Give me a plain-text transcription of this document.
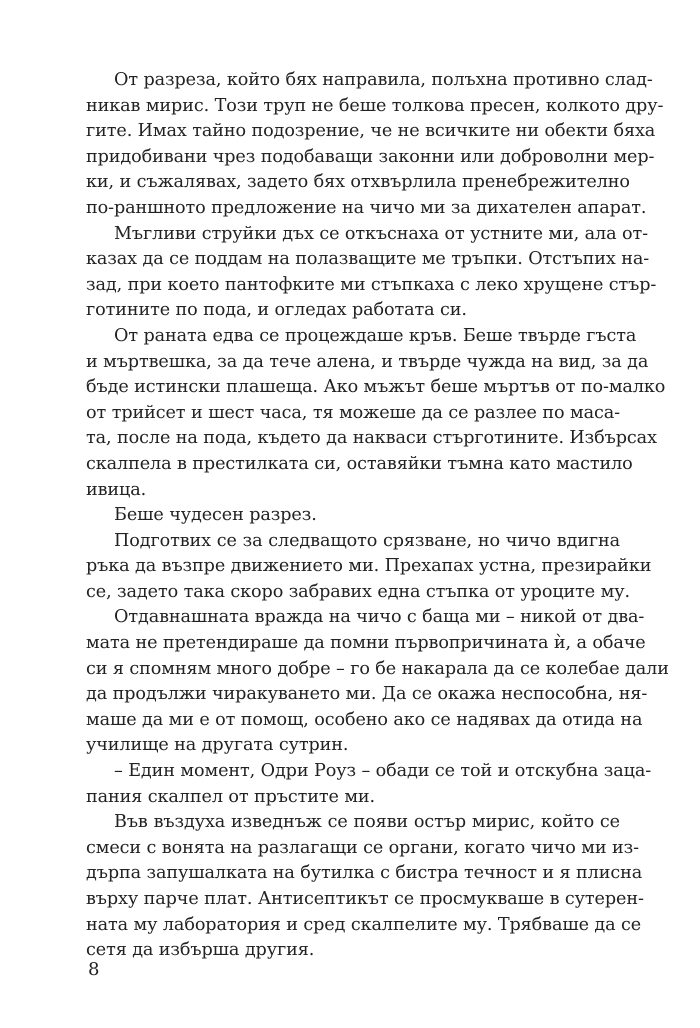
От разреза, който бях направила, полъхна противно слад-
никав мирис. Този труп не беше толкова пресен, колкото дру-
гите. Имах тайно подозрение, че не всичките ни обекти бяха
придобивани чрез подобаващи законни или доброволни мер-
ки, и съжалявах, задето бях отхвърлила пренебрежително
по-раншното предложение на чичо ми за дихателен апарат.
Мъгливи струйки дъх се откъснаха от устните ми, ала от-
казах да се поддам на полазващите ме тръпки. Отстъпих на-
зад, при което пантофките ми стъпкаха с леко хрущене стър-
готините по пода, и огледах работата си.
От раната едва се процеждаше кръв. Беше твърде гъста
и мъртвешка, за да тече алена, и твърде чужда на вид, за да
бъде истински плашеща. Ако мъжът беше мъртъв от по-малко
от трийсет и шест часа, тя можеше да се разлее по маса-
та, после на пода, където да накваси стърготините. Избърсах
скалпела в престилката си, оставяйки тъмна като мастило
ивица.
Беше чудесен разрез.
Подготвих се за следващото срязване, но чичо вдигна
ръка да възпре движението ми. Прехапах устна, презирайки
се, задето така скоро забравих една стъпка от уроците му.
Отдавнашната вражда на чичо с баща ми – никой от два-
мата не претендираше да помни първопричината ѝ, а обаче
си я спомням много добре – го бе накарала да се колебае дали
да продължи чиракуването ми. Да се окажа неспособна, ня-
маше да ми е от помощ, особено ако се надявах да отида на
училище на другата сутрин.
– Един момент, Одри Роуз – обади се той и отскубна заца-
пания скалпел от пръстите ми.
Във въздуха изведнъж се появи остър мирис, който се
смеси с вонята на разлагащи се органи, когато чичо ми из-
дърпа запушалката на бутилка с бистра течност и я плисна
върху парче плат. Антисептикът се просмукваше в сутерен-
ната му лаборатория и сред скалпелите му. Трябваше да се
сетя да избърша другия.
8
